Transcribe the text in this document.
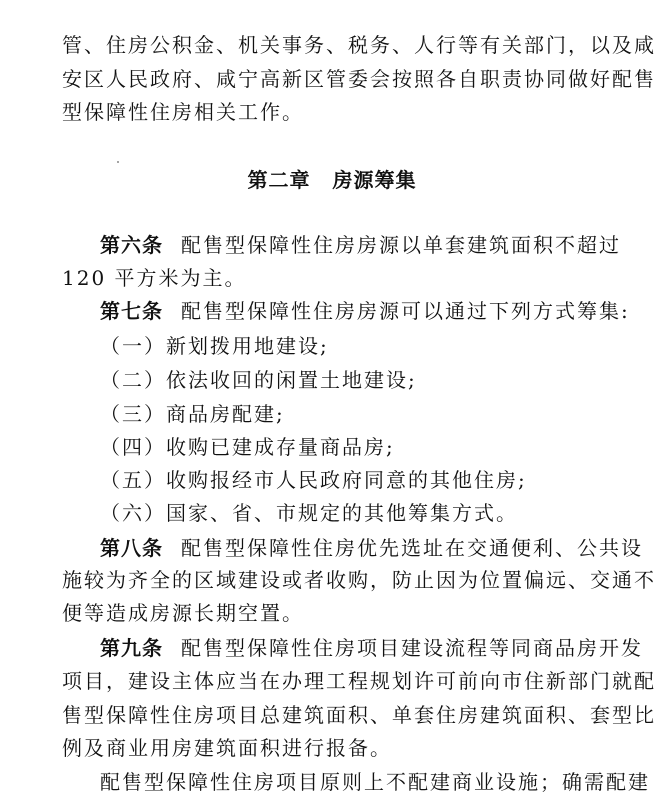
管、住房公积金、机关事务、税务、人行等有关部门，以及咸
安区人民政府、咸宁高新区管委会按照各自职责协同做好配售
型保障性住房相关工作。
第二章 房源筹集
第六条 配售型保障性住房房源以单套建筑面积不超过
120 平方米为主。
第七条 配售型保障性住房房源可以通过下列方式筹集:
（一）新划拨用地建设;
（二）依法收回的闲置土地建设;
（三）商品房配建;
（四）收购已建成存量商品房;
（五）收购报经市人民政府同意的其他住房;
（六）国家、省、市规定的其他筹集方式。
第八条 配售型保障性住房优先选址在交通便利、公共设
施较为齐全的区域建设或者收购，防止因为位置偏远、交通不
便等造成房源长期空置。
第九条 配售型保障性住房项目建设流程等同商品房开发
项目，建设主体应当在办理工程规划许可前向市住新部门就配
售型保障性住房项目总建筑面积、单套住房建筑面积、套型比
例及商业用房建筑面积进行报备。
配售型保障性住房项目原则上不配建商业设施；确需配建
